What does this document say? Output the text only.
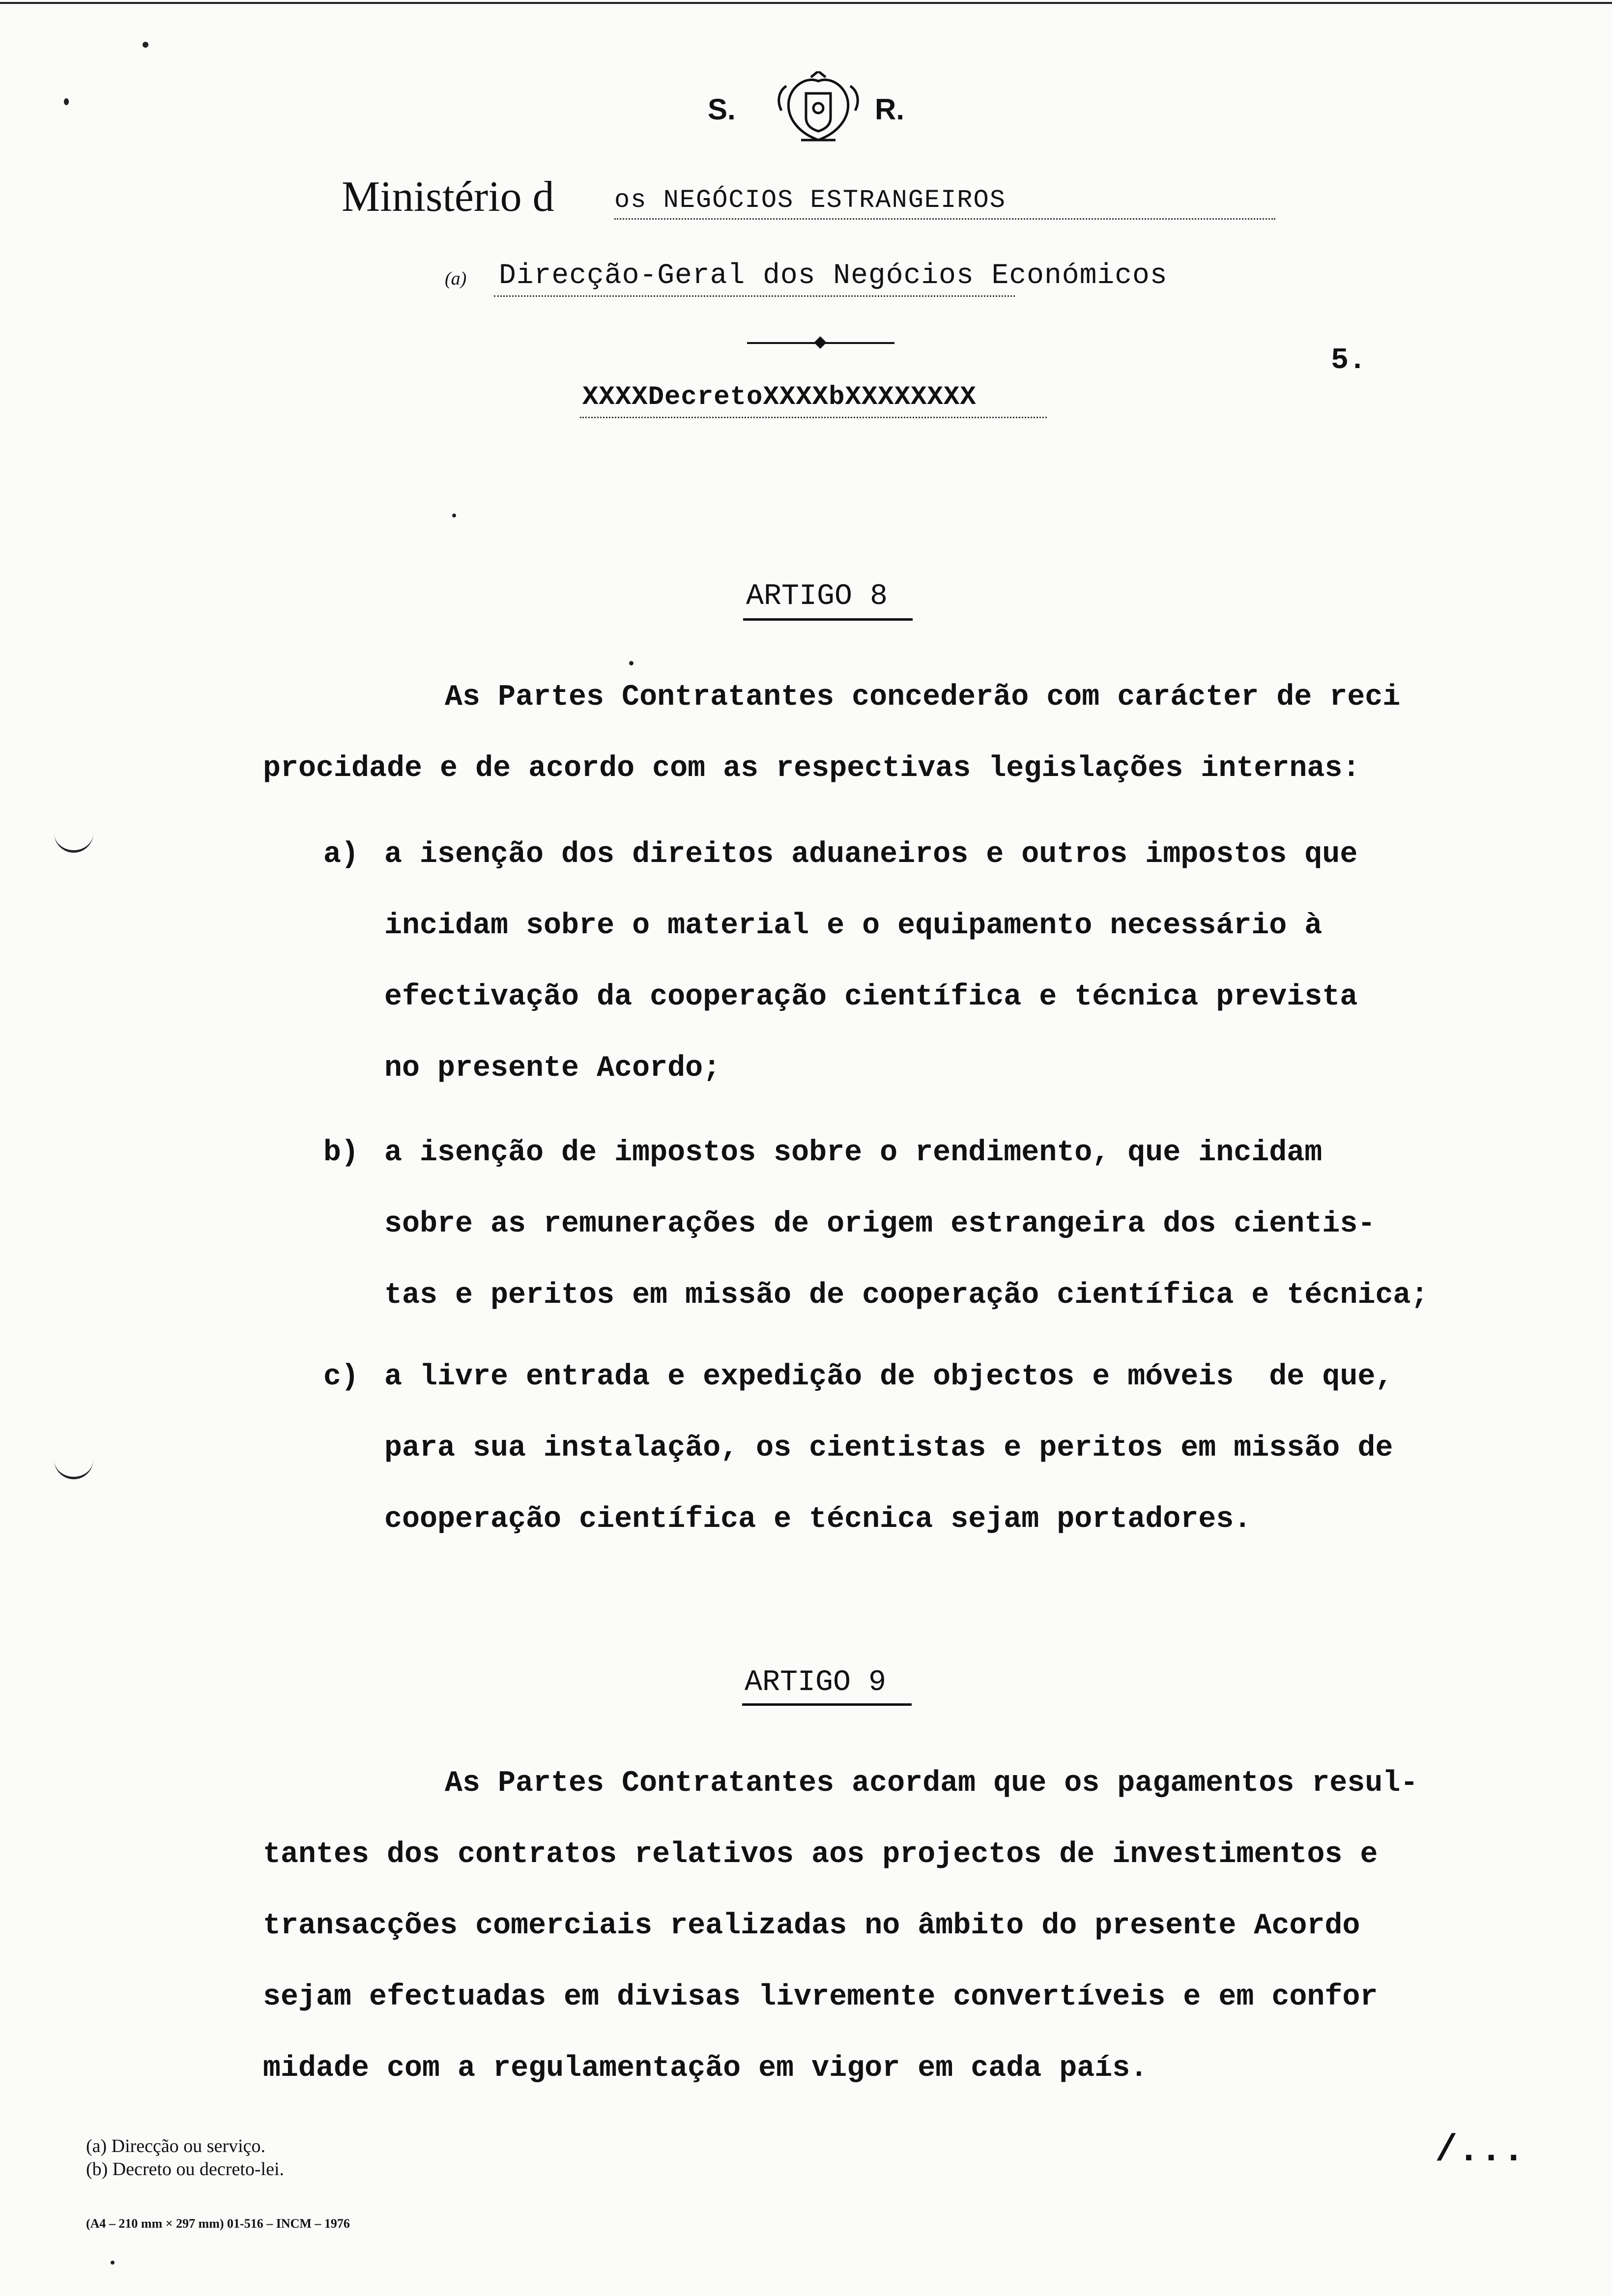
S.	R.
Ministério d os NEGÓCIOS ESTRANGEIROS
(a) Direcção-Geral dos Negócios Económicos
5.
XXXXDecretoXXXXbXXXXXXXX
ARTIGO 8
As Partes Contratantes concederão com carácter de reci
procidade e de acordo com as respectivas legislações internas:
a) a isenção dos direitos aduaneiros e outros impostos que
incidam sobre o material e o equipamento necessário à
efectivação da cooperação científica e técnica prevista
no presente Acordo;
b) a isenção de impostos sobre o rendimento, que incidam
sobre as remunerações de origem estrangeira dos cientis-
tas e peritos em missão de cooperação científica e técnica;
c) a livre entrada e expedição de objectos e móveis  de que,
para sua instalação, os cientistas e peritos em missão de
cooperação científica e técnica sejam portadores.
ARTIGO 9
As Partes Contratantes acordam que os pagamentos resul-
tantes dos contratos relativos aos projectos de investimentos e
transacções comerciais realizadas no âmbito do presente Acordo
sejam efectuadas em divisas livremente convertíveis e em confor
midade com a regulamentação em vigor em cada país.
(a) Direcção ou serviço.
(b) Decreto ou decreto-lei.
(A4 – 210 mm × 297 mm) 01-516 – INCM – 1976
/...
